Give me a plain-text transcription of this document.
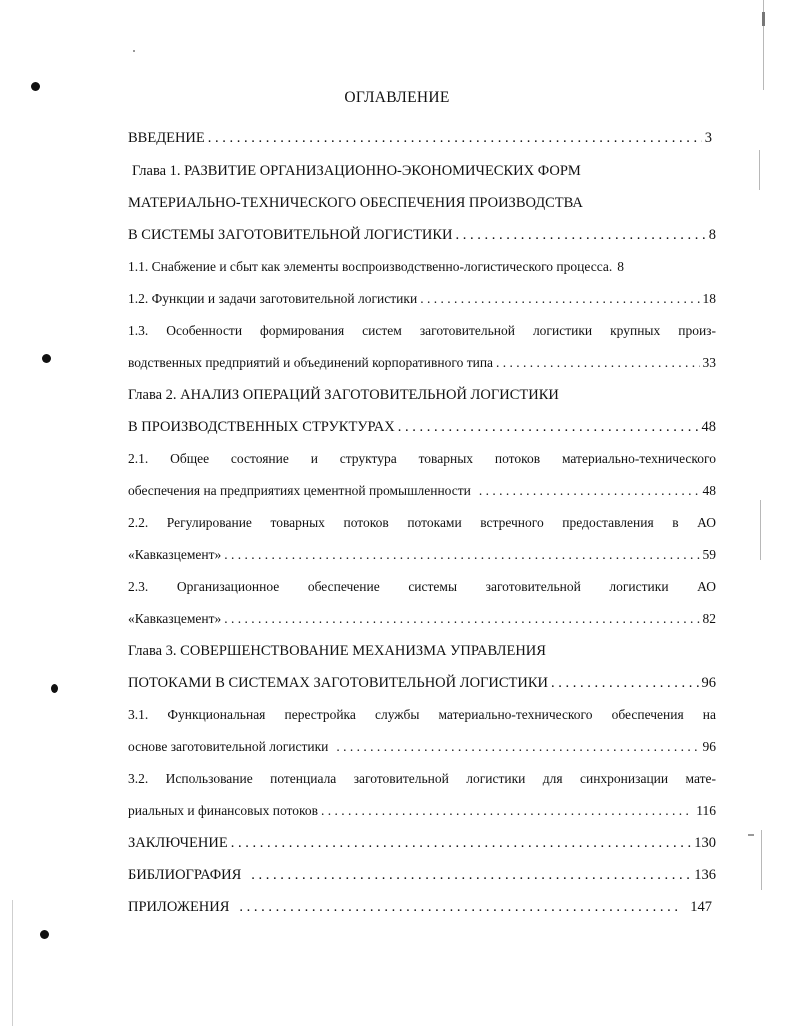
ОГЛАВЛЕНИЕ
ВВЕДЕНИЕ . . .	3
Глава 1. РАЗВИТИЕ ОРГАНИЗАЦИОННО-ЭКОНОМИЧЕСКИХ ФОРМ
МАТЕРИАЛЬНО-ТЕХНИЧЕСКОГО ОБЕСПЕЧЕНИЯ ПРОИЗВОДСТВА
В СИСТЕМЫ ЗАГОТОВИТЕЛЬНОЙ ЛОГИСТИКИ . . .	8
1.1. Снабжение и сбыт как элементы воспроизводственно-логистического процесса. 8
1.2. Функции и задачи заготовительной логистики . . .	18
1.3. Особенности формирования систем заготовительной логистики крупных произ-
водственных предприятий и объединений корпоративного типа . . .	33
Глава 2. АНАЛИЗ ОПЕРАЦИЙ ЗАГОТОВИТЕЛЬНОЙ ЛОГИСТИКИ
В ПРОИЗВОДСТВЕННЫХ СТРУКТУРАХ . . .	48
2.1. Общее состояние и структура товарных потоков материально-технического
обеспечения на предприятиях цементной промышленности . . .	48
2.2. Регулирование товарных потоков потоками встречного предоставления в АО
«Кавказцемент» . . .	59
2.3. Организационное обеспечение системы заготовительной логистики АО
«Кавказцемент» . . .	82
Глава 3. СОВЕРШЕНСТВОВАНИЕ МЕХАНИЗМА УПРАВЛЕНИЯ
ПОТОКАМИ В СИСТЕМАХ ЗАГОТОВИТЕЛЬНОЙ ЛОГИСТИКИ . . .	96
3.1. Функциональная перестройка службы материально-технического обеспечения на
основе заготовительной логистики . . .	96
3.2. Использование потенциала заготовительной логистики для синхронизации мате-
риальных и финансовых потоков . . .	116
ЗАКЛЮЧЕНИЕ . . .	130
БИБЛИОГРАФИЯ . . .	136
ПРИЛОЖЕНИЯ . . .	147
